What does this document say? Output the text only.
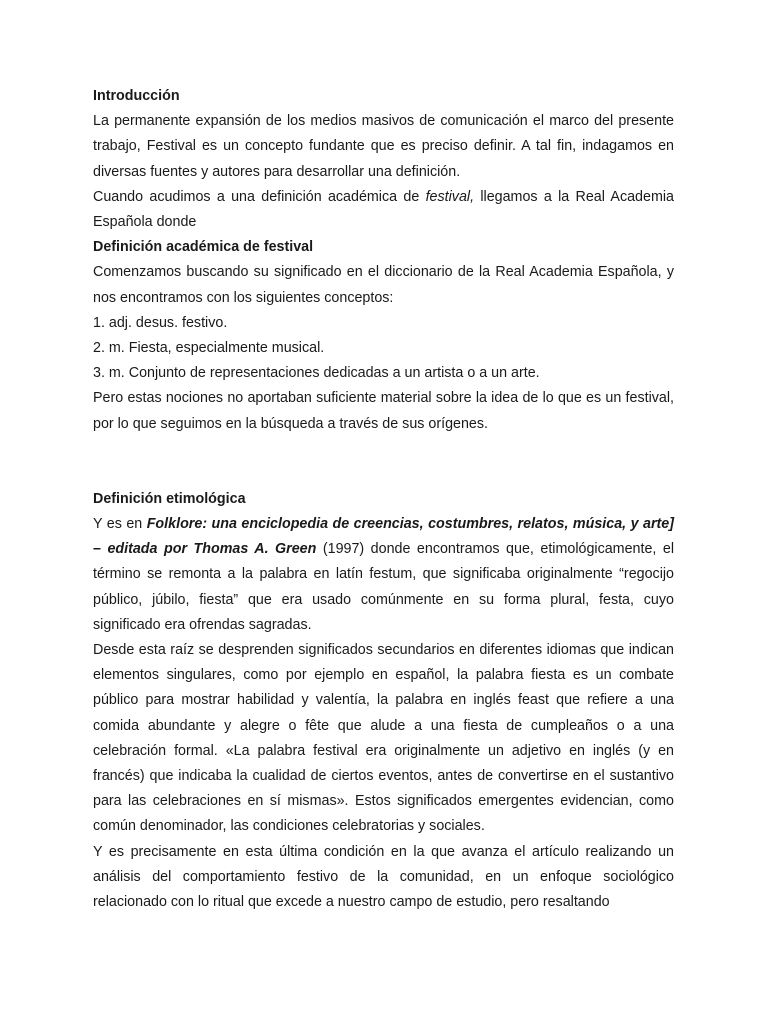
Introducción

La permanente expansión de los medios masivos de comunicación el marco del presente trabajo, Festival es un concepto fundante que es preciso definir. A tal fin, indagamos en diversas fuentes y autores para desarrollar una definición.

Cuando acudimos a una definición académica de festival, llegamos a la Real Academia Española donde

Definición académica de festival

Comenzamos buscando su significado en el diccionario de la Real Academia Española, y nos encontramos con los siguientes conceptos:

1. adj. desus. festivo.

2. m. Fiesta, especialmente musical.

3. m. Conjunto de representaciones dedicadas a un artista o a un arte.

Pero estas nociones no aportaban suficiente material sobre la idea de lo que es un festival, por lo que seguimos en la búsqueda a través de sus orígenes.

Definición etimológica

Y es en Folklore: una enciclopedia de creencias, costumbres, relatos, música, y arte] – editada por Thomas A. Green (1997) donde encontramos que, etimológicamente, el término se remonta a la palabra en latín festum, que significaba originalmente “regocijo público, júbilo, fiesta” que era usado comúnmente en su forma plural, festa, cuyo significado era ofrendas sagradas.

Desde esta raíz se desprenden significados secundarios en diferentes idiomas que indican elementos singulares, como por ejemplo en español, la palabra fiesta es un combate público para mostrar habilidad y valentía, la palabra en inglés feast que refiere a una comida abundante y alegre o fête que alude a una fiesta de cumpleaños o a una celebración formal. «La palabra festival era originalmente un adjetivo en inglés (y en francés) que indicaba la cualidad de ciertos eventos, antes de convertirse en el sustantivo para las celebraciones en sí mismas». Estos significados emergentes evidencian, como común denominador, las condiciones celebratorias y sociales.

Y es precisamente en esta última condición en la que avanza el artículo realizando un análisis del comportamiento festivo de la comunidad, en un enfoque sociológico relacionado con lo ritual que excede a nuestro campo de estudio, pero resaltando
